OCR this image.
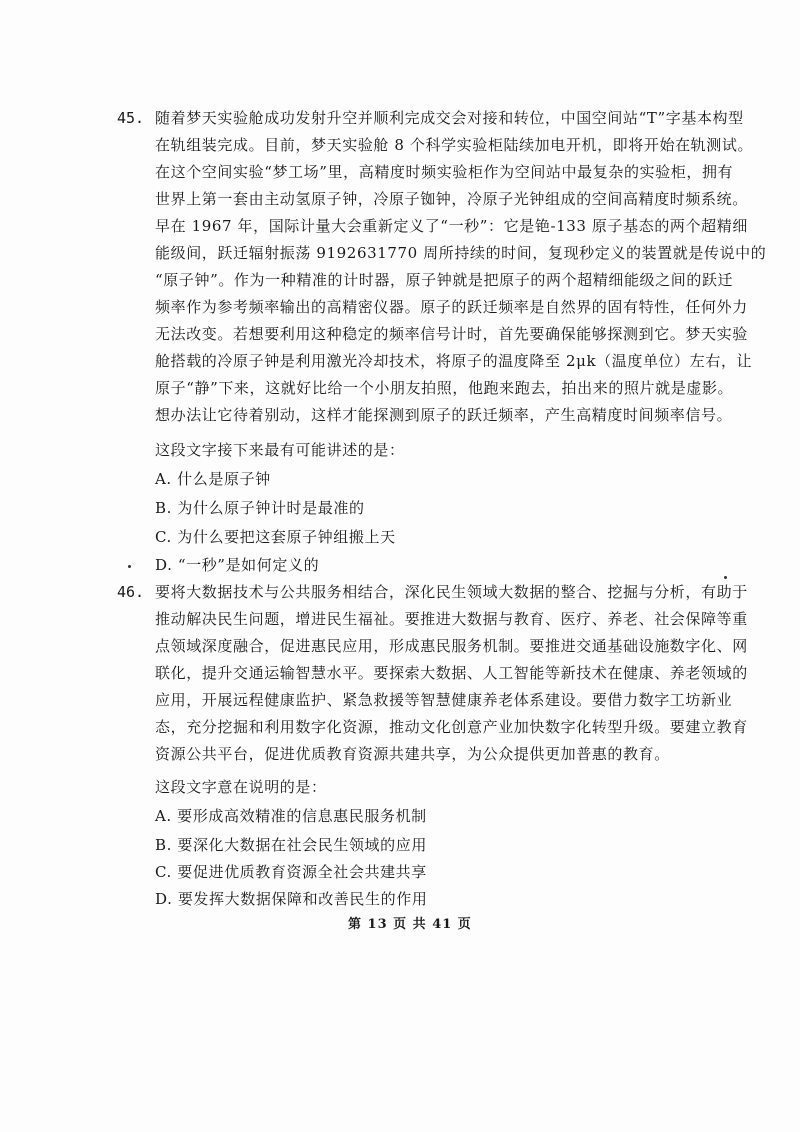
45. 随着梦天实验舱成功发射升空并顺利完成交会对接和转位，中国空间站“T”字基本构型
在轨组装完成。目前，梦天实验舱 8 个科学实验柜陆续加电开机，即将开始在轨测试。
在这个空间实验“梦工场”里，高精度时频实验柜作为空间站中最复杂的实验柜，拥有
世界上第一套由主动氢原子钟，冷原子铷钟，冷原子光钟组成的空间高精度时频系统。
早在 1967 年，国际计量大会重新定义了“一秒”：它是铯-133 原子基态的两个超精细
能级间，跃迁辐射振荡 9192631770 周所持续的时间，复现秒定义的装置就是传说中的
“原子钟”。作为一种精准的计时器，原子钟就是把原子的两个超精细能级之间的跃迁
频率作为参考频率输出的高精密仪器。原子的跃迁频率是自然界的固有特性，任何外力
无法改变。若想要利用这种稳定的频率信号计时，首先要确保能够探测到它。梦天实验
舱搭载的冷原子钟是利用激光冷却技术，将原子的温度降至 2μk（温度单位）左右，让
原子“静”下来，这就好比给一个小朋友拍照，他跑来跑去，拍出来的照片就是虚影。
想办法让它待着别动，这样才能探测到原子的跃迁频率，产生高精度时间频率信号。
这段文字接下来最有可能讲述的是：
A. 什么是原子钟
B. 为什么原子钟计时是最准的
C. 为什么要把这套原子钟组搬上天
D. “一秒”是如何定义的
46. 要将大数据技术与公共服务相结合，深化民生领域大数据的整合、挖掘与分析，有助于
推动解决民生问题，增进民生福祉。要推进大数据与教育、医疗、养老、社会保障等重
点领域深度融合，促进惠民应用，形成惠民服务机制。要推进交通基础设施数字化、网
联化，提升交通运输智慧水平。要探索大数据、人工智能等新技术在健康、养老领域的
应用，开展远程健康监护、紧急救援等智慧健康养老体系建设。要借力数字工坊新业
态，充分挖掘和利用数字化资源，推动文化创意产业加快数字化转型升级。要建立教育
资源公共平台，促进优质教育资源共建共享，为公众提供更加普惠的教育。
这段文字意在说明的是：
A. 要形成高效精准的信息惠民服务机制
B. 要深化大数据在社会民生领域的应用
C. 要促进优质教育资源全社会共建共享
D. 要发挥大数据保障和改善民生的作用
第 13 页 共 41 页
